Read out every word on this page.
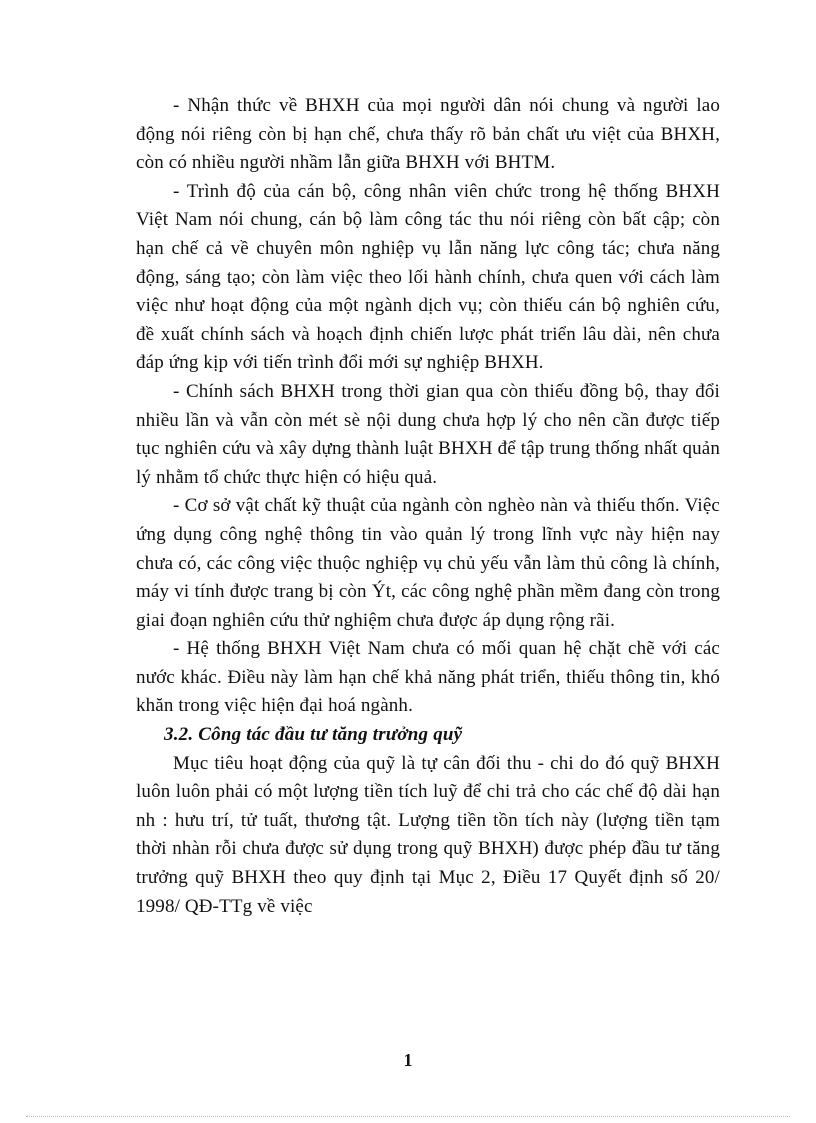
- Nhận thức về BHXH của mọi người dân nói chung và người lao động nói riêng còn bị hạn chế, chưa thấy rõ bản chất ưu việt của BHXH, còn có nhiều người nhầm lẫn giữa BHXH với BHTM.

- Trình độ của cán bộ, công nhân viên chức trong hệ thống BHXH Việt Nam nói chung, cán bộ làm công tác thu nói riêng còn bất cập; còn hạn chế cả về chuyên môn nghiệp vụ lẫn năng lực công tác; chưa năng động, sáng tạo; còn làm việc theo lối hành chính, chưa quen với cách làm việc như hoạt động của một ngành dịch vụ; còn thiếu cán bộ nghiên cứu, đề xuất chính sách và hoạch định chiến lược phát triển lâu dài, nên chưa đáp ứng kịp với tiến trình đổi mới sự nghiệp BHXH.

- Chính sách BHXH trong thời gian qua còn thiếu đồng bộ, thay đổi nhiều lần và vẫn còn mét sè nội dung chưa hợp lý cho nên cần được tiếp tục nghiên cứu và xây dựng thành luật BHXH để tập trung thống nhất quản lý nhằm tổ chức thực hiện có hiệu quả.

- Cơ sở vật chất kỹ thuật của ngành còn nghèo nàn và thiếu thốn. Việc ứng dụng công nghệ thông tin vào quản lý trong lĩnh vực này hiện nay chưa có, các công việc thuộc nghiệp vụ chủ yếu vẫn làm thủ công là chính, máy vi tính được trang bị còn Ýt, các công nghệ phần mềm đang còn trong giai đoạn nghiên cứu thử nghiệm chưa được áp dụng rộng rãi.

- Hệ thống BHXH Việt Nam chưa có mối quan hệ chặt chẽ với các nước khác. Điều này làm hạn chế khả năng phát triển, thiếu thông tin, khó khăn trong việc hiện đại hoá ngành.

3.2. Công tác đầu tư tăng trưởng quỹ

Mục tiêu hoạt động của quỹ là tự cân đối thu - chi do đó quỹ BHXH luôn luôn phải có một lượng tiền tích luỹ để chi trả cho các chế độ dài hạn nh : hưu trí, tử tuất, thương tật. Lượng tiền tồn tích này (lượng tiền tạm thời nhàn rỗi chưa được sử dụng trong quỹ BHXH) được phép đầu tư tăng trưởng quỹ BHXH theo quy định tại Mục 2, Điều 17 Quyết định số 20/ 1998/ QĐ-TTg về việc

1
